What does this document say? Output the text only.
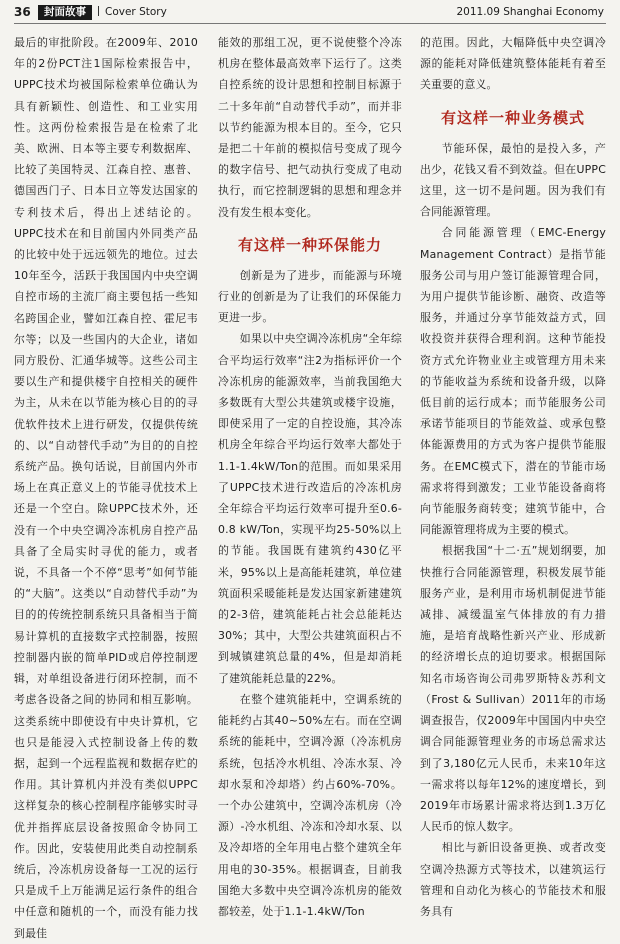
36	封面故事	Cover Story	2011.09 Shanghai Economy

最后的审批阶段。在2009年、2010年的2份PCT注1国际检索报告中，UPPC技术均被国际检索单位确认为具有新颖性、创造性、和工业实用性。这两份检索报告是在检索了北美、欧洲、日本等主要专利数据库、比较了美国特灵、江森自控、惠普、德国西门子、日本日立等发达国家的专利技术后，得出上述结论的。UPPC技术在和目前国内外同类产品的比较中处于远远领先的地位。过去10年至今，活跃于我国国内中央空调自控市场的主流厂商主要包括一些知名跨国企业，譬如江森自控、霍尼韦尔等；以及一些国内的大企业，诸如同方股份、汇通华城等。这些公司主要以生产和提供楼宇自控相关的硬件为主，从未在以节能为核心目的的寻优软件技术上进行研发，仅提供传统的、以“自动替代手动”为目的的自控系统产品。换句话说，目前国内外市场上在真正意义上的节能寻优技术上还是一个空白。除UPPC技术外，还没有一个中央空调冷冻机房自控产品具备了全局实时寻优的能力，或者说，不具备一个不停“思考”如何节能的“大脑”。这类以“自动替代手动”为目的的传统控制系统只具备相当于简易计算机的直接数字式控制器，按照控制器内嵌的简单PID或启停控制逻辑，对单组设备进行闭环控制，而不考虑各设备之间的协同和相互影响。这类系统中即使设有中央计算机，它也只是能浸入式控制设备上传的数据，起到一个远程监视和数据存贮的作用。其计算机内并没有类似UPPC这样复杂的核心控制程序能够实时寻优并指挥底层设备按照命令协同工作。因此，安装使用此类自动控制系统后，冷冻机房设备每一工况的运行只是成千上万能满足运行条件的组合中任意和随机的一个，而没有能力找到最佳

能效的那组工况，更不说使整个冷冻机房在整体最高效率下运行了。这类自控系统的设计思想和控制目标源于二十多年前“自动替代手动”，而并非以节约能源为根本目的。至今，它只是把二十年前的模拟信号变成了现今的数字信号、把气动执行变成了电动执行，而它控制逻辑的思想和理念并没有发生根本变化。

有这样一种环保能力

创新是为了进步，而能源与环境行业的创新是为了让我们的环保能力更进一步。

如果以中央空调冷冻机房“全年综合平均运行效率“注2为指标评价一个冷冻机房的能源效率，当前我国绝大多数既有大型公共建筑或楼宇设施，即使采用了一定的自控设施，其冷冻机房全年综合平均运行效率大都处于1.1-1.4kW/Ton的范围。而如果采用了UPPC技术进行改造后的冷冻机房全年综合平均运行效率可提升至0.6-0.8 kW/Ton，实现平均25-50%以上的节能。我国既有建筑约430亿平米，95%以上是高能耗建筑，单位建筑面积采暖能耗是发达国家新建建筑的2-3倍，建筑能耗占社会总能耗达30%；其中，大型公共建筑面积占不到城镇建筑总量的4%，但是却消耗了建筑能耗总量的22%。

在整个建筑能耗中，空调系统的能耗约占其40~50%左右。而在空调系统的能耗中，空调冷源（冷冻机房系统，包括冷水机组、冷冻水泵、冷却水泵和冷却塔）约占60%-70%。一个办公建筑中，空调冷冻机房（冷源）-冷水机组、冷冻和冷却水泵、以及冷却塔的全年用电占整个建筑全年用电的30-35%。根据调查，目前我国绝大多数中央空调冷冻机房的能效都较差，处于1.1-1.4kW/Ton

的范围。因此，大幅降低中央空调冷源的能耗对降低建筑整体能耗有着至关重要的意义。

有这样一种业务模式

节能环保，最怕的是投入多，产出少，花钱又看不到效益。但在UPPC这里，这一切不是问题。因为我们有合同能源管理。

合同能源管理（EMC-Energy Management Contract）是指节能服务公司与用户签订能源管理合同，为用户提供节能诊断、融资、改造等服务，并通过分享节能效益方式，回收投资并获得合理利润。这种节能投资方式允许物业业主或管理方用未来的节能收益为系统和设备升级，以降低目前的运行成本；而节能服务公司承诺节能项目的节能效益、或承包整体能源费用的方式为客户提供节能服务。在EMC模式下，潜在的节能市场需求将得到激发；工业节能设备商将向节能服务商转变；建筑节能中，合同能源管理将成为主要的模式。

根据我国“十二·五”规划纲要，加快推行合同能源管理，积极发展节能服务产业，是利用市场机制促进节能减排、减缓温室气体排放的有力措施，是培育战略性新兴产业、形成新的经济增长点的迫切要求。根据国际知名市场咨询公司弗罗斯特＆苏利文（Frost & Sullivan）2011年的市场调查报告，仅2009年中国国内中央空调合同能源管理业务的市场总需求达到了3,180亿元人民币，未来10年这一需求将以每年12%的速度增长，到2019年市场累计需求将达到1.3万亿人民币的惊人数字。

相比与新旧设备更换、或者改变空调冷热源方式等技术，以建筑运行管理和自动化为核心的节能技术和服务具有
